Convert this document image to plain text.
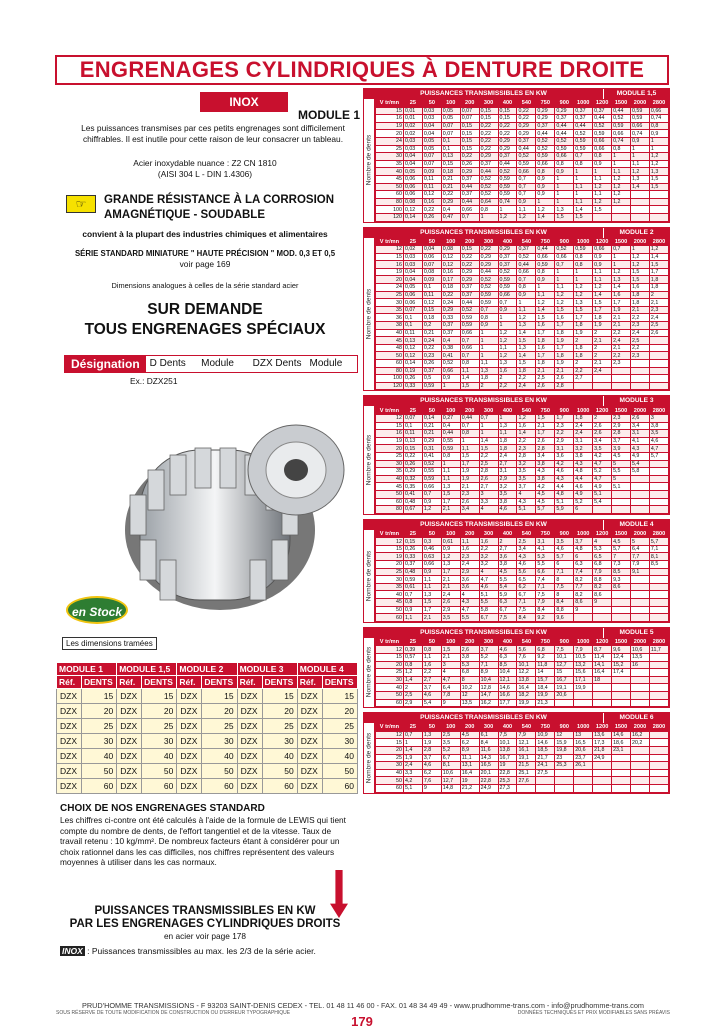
ENGRENAGES CYLINDRIQUES À DENTURE DROITE
INOX
MODULE 1
Les puissances transmises par ces petits engrenages sont difficilement chiffrables. Il est inutile pour cette raison de leur consacrer un tableau.
Acier inoxydable nuance : Z2 CN 1810
(AISI 304 L - DIN 1.4306)
☞	GRANDE RÉSISTANCE À LA CORROSION AMAGNÉTIQUE - SOUDABLE
convient à la plupart des industries chimiques et alimentaires
SÉRIE STANDARD MINIATURE " HAUTE PRÉCISION " MOD. 0,3 ET 0,5
voir page 169
Dimensions analogues à celles de la série standard acier
SUR DEMANDE
TOUS ENGRENAGES SPÉCIAUX
Désignation	D Dents	Module	DZX Dents Module
Ex.: DZX251
en Stock
Les dimensions tramées
MODULE 1		MODULE 1,5		MODULE 2		MODULE 3		MODULE 4	
Réf.	DENTS	Réf.	DENTS	Réf.	DENTS	Réf.	DENTS	Réf.	DENTS
DZX	15	DZX	15	DZX	15	DZX	15	DZX	15
DZX	20	DZX	20	DZX	20	DZX	20	DZX	20
DZX	25	DZX	25	DZX	25	DZX	25	DZX	25
DZX	30	DZX	30	DZX	30	DZX	30	DZX	30
DZX	40	DZX	40	DZX	40	DZX	40	DZX	40
DZX	50	DZX	50	DZX	50	DZX	50	DZX	50
DZX	60	DZX	60	DZX	60	DZX	60	DZX	60
CHOIX DE NOS ENGRENAGES STANDARD
Les chiffres ci-contre ont été calculés à l'aide de la formule de LEWIS qui tient compte du nombre de dents, de l'effort tangentiel et de la vitesse. Taux de travail retenu : 10 kg/mm². De nombreux facteurs étant à considérer pour un choix rationnel dans les cas difficiles, nos chiffres représentent des valeurs moyennes à utiliser dans les cas normaux.
PUISSANCES TRANSMISSIBLES EN KW
PAR LES ENGRENAGES CYLINDRIQUES DROITS
en acier voir page 178
INOX : Puissances transmissibles au max. les 2/3 de la série acier.
PUISSANCES TRANSMISSIBLES EN KW	MODULE 1,5
Nombre de dents
V tr/mn	25	50	100	200	300	400	540	750	900	1000	1200	1500	2000	2800
15	0,01	0,03	0,05	0,07	0,15	0,15	0,22	0,29	0,29	0,37	0,37	0,44	0,59	0,66
16	0,01	0,03	0,05	0,07	0,15	0,15	0,22	0,29	0,37	0,37	0,44	0,52	0,59	0,74
19	0,02	0,04	0,07	0,15	0,22	0,22	0,29	0,37	0,44	0,44	0,52	0,59	0,66	0,8
20	0,02	0,04	0,07	0,15	0,22	0,22	0,29	0,44	0,44	0,52	0,59	0,66	0,74	0,9
24	0,03	0,05	0,1	0,15	0,22	0,29	0,37	0,52	0,52	0,59	0,66	0,74	0,9	1
25	0,03	0,05	0,1	0,15	0,22	0,29	0,44	0,52	0,59	0,59	0,66	0,8	1	1
30	0,04	0,07	0,13	0,22	0,29	0,37	0,52	0,59	0,66	0,7	0,8	1	1	1,2
35	0,04	0,07	0,15	0,26	0,37	0,44	0,59	0,66	0,8	0,8	0,9	1	1,1	1,2
40	0,05	0,09	0,18	0,29	0,44	0,52	0,66	0,8	0,9	1	1	1,1	1,2	1,3
45	0,06	0,11	0,21	0,37	0,52	0,59	0,7	0,9	1	1	1,1	1,2	1,3	1,5
50	0,06	0,11	0,21	0,44	0,52	0,59	0,7	0,9	1	1,1	1,2	1,2	1,4	1,5
60	0,06	0,12	0,22	0,37	0,52	0,59	0,7	0,9	1	1	1,1	1,2		
80	0,08	0,16	0,29	0,44	0,64	0,74	0,9	1	1	1,1	1,2	1,2		
100	0,12	0,22	0,4	0,66	0,8	1	1,1	1,2	1,3	1,4	1,5			
120	0,14	0,26	0,47	0,7	1	1,2	1,2	1,4	1,5	1,5				
PUISSANCES TRANSMISSIBLES EN KW	MODULE 2
Nombre de dents
V tr/mn	25	50	100	200	300	400	540	750	900	1000	1200	1500	2000	2800
12	0,02	0,04	0,08	0,15	0,22	0,29	0,37	0,44	0,52	0,59	0,66	0,7	1	1,2
15	0,03	0,06	0,12	0,22	0,29	0,37	0,52	0,66	0,66	0,8	0,9	1	1,2	1,4
16	0,03	0,07	0,12	0,22	0,29	0,37	0,44	0,59	0,7	0,8	0,9	1	1,2	1,5
19	0,04	0,08	0,16	0,29	0,44	0,52	0,66	0,8	1	1	1,1	1,2	1,5	1,7
20	0,04	0,09	0,17	0,29	0,52	0,59	0,7	0,9	1	1	1,1	1,3	1,5	1,8
24	0,05	0,1	0,18	0,37	0,52	0,59	0,8	1	1,1	1,2	1,2	1,4	1,6	1,8
25	0,06	0,11	0,22	0,37	0,59	0,66	0,9	1,1	1,2	1,2	1,4	1,6	1,8	2
30	0,06	0,12	0,24	0,44	0,59	0,7	1	1,2	1,2	1,3	1,5	1,7	1,8	2,1
35	0,07	0,15	0,29	0,52	0,7	0,9	1,1	1,4	1,5	1,5	1,7	1,9	2,1	2,3
36	0,1	0,18	0,33	0,59	0,8	1	1,2	1,5	1,6	1,7	1,8	2,1	2,2	2,4
38	0,1	0,2	0,37	0,59	0,9	1	1,3	1,6	1,7	1,8	1,9	2,1	2,3	2,5
40	0,11	0,21	0,37	0,66	1	1,2	1,4	1,7	1,8	1,9	2	2,2	2,4	2,6
45	0,13	0,24	0,4	0,7	1	1,2	1,5	1,8	1,9	2	2,1	2,4	2,5	
48	0,12	0,22	0,38	0,66	1	1,1	1,3	1,6	1,7	1,8	2	2,1	2,2	
50	0,12	0,23	0,41	0,7	1	1,2	1,4	1,7	1,8	1,8	2	2,2	2,3	
60	0,14	0,26	0,52	0,8	1,1	1,3	1,5	1,8	1,9	2	2,1	2,3		
80	0,19	0,37	0,66	1,1	1,3	1,6	1,8	2,1	2,1	2,2	2,4			
100	0,26	0,5	0,9	1,4	1,8	2	2,2	2,5	2,6	2,7				
120	0,33	0,59	1	1,5	2	2,2	2,4	2,6	2,8					
PUISSANCES TRANSMISSIBLES EN KW	MODULE 3
Nombre de dents
V tr/mn	25	50	100	200	300	400	540	750	900	1000	1200	1500	2000	2800
12	0,07	0,14	0,27	0,44	0,7	1	1,2	1,5	1,7	1,8	2	2,3	2,6	3
15	0,1	0,21	0,4	0,7	1	1,3	1,6	2,1	2,3	2,4	2,6	2,9	3,4	3,8
16	0,11	0,21	0,44	0,8	1	1,1	1,4	1,7	2,2	2,4	2,6	2,8	3,1	3,5
19	0,13	0,29	0,55	1	1,4	1,8	2,2	2,6	2,9	3,1	3,4	3,7	4,1	4,6
20	0,15	0,31	0,59	1,1	1,5	1,8	2,3	2,8	3,1	3,2	3,5	3,9	4,3	4,7
25	0,22	0,41	0,8	1,5	2,2	2,4	2,8	3,4	3,6	3,8	4,2	4,5	4,9	5,7
30	0,26	0,52	1	1,7	2,5	2,7	3,2	3,8	4,2	4,3	4,7	5	5,4	
35	0,29	0,55	1,1	1,9	2,8	3,1	3,5	4,3	4,6	4,8	5,2	5,5	5,8	
40	0,32	0,59	1,1	1,9	2,6	2,9	3,5	3,8	4,3	4,4	4,7	5		
45	0,35	0,66	1,3	2,1	2,7	3,2	3,7	4,2	4,4	4,6	4,9	5,1		
50	0,41	0,7	1,5	2,3	3	3,5	4	4,5	4,8	4,9	5,1			
60	0,48	0,9	1,7	2,6	3,3	3,8	4,3	4,5	5,1	5,2	5,4			
80	0,67	1,2	2,1	3,4	4	4,6	5,1	5,7	5,9	6				
PUISSANCES TRANSMISSIBLES EN KW	MODULE 4
Nombre de dents
V tr/mn	25	50	100	200	300	400	540	750	900	1000	1200	1500	2000	2800
12	0,15	0,3	0,61	1,1	1,6	2	2,5	3,1	3,5	3,7	4	4,5	5	5,7
15	0,26	0,46	0,9	1,6	2,2	2,7	3,4	4,1	4,6	4,8	5,3	5,7	6,4	7,1
19	0,33	0,63	1,2	2,3	3,2	3,6	4,3	5,3	5,7	6	6,5	7	7,7	8,1
20	0,37	0,66	1,3	2,4	3,2	3,8	4,6	5,5	6	6,3	6,8	7,3	7,9	8,5
25	0,48	0,9	1,7	2,9	4	4,5	5,6	6,6	7,1	7,4	7,9	8,5	9,1	
30	0,59	1,1	2,1	3,6	4,7	5,5	6,5	7,4	8	8,2	8,8	9,3		
35	0,61	1,1	2,1	3,6	4,6	5,4	6,2	7,1	7,5	7,7	8,2	8,6		
40	0,7	1,3	2,4	4	5,1	5,9	6,7	7,5	8	8,2	8,6			
45	0,8	1,5	2,6	4,3	5,5	6,3	7,1	7,9	8,4	8,6	9			
50	0,9	1,7	2,9	4,7	5,8	6,7	7,5	8,4	8,8	9				
60	1,1	2,1	3,5	5,5	6,7	7,5	8,4	9,2	9,6					
PUISSANCES TRANSMISSIBLES EN KW	MODULE 5
Nombre de dents
V tr/mn	25	50	100	200	300	400	540	750	900	1000	1200	1500	2000	2800
12	0,39	0,8	1,5	2,6	3,7	4,6	5,6	6,8	7,5	7,9	8,7	9,6	10,6	11,7
15	0,57	1,1	2,1	3,8	5,2	6,3	7,6	9,2	10,1	10,5	11,4	12,4	13,5	
20	0,8	1,6	3	5,3	7,1	8,5	10,1	11,8	12,7	13,2	14,1	15,2	16	
25	1,2	2,2	4	6,8	8,9	10,4	12,2	14	15	15,6	16,4	17,4		
30	1,4	2,7	4,7	8	10,4	12,1	13,8	15,7	16,7	17,1	18			
40	2	3,7	6,4	10,2	12,8	14,6	16,4	18,4	19,1	19,9				
50	2,5	4,6	7,8	12	14,7	16,6	18,2	19,9	20,6					
60	2,9	5,4	9	13,5	16,2	17,7	19,9	21,3						
PUISSANCES TRANSMISSIBLES EN KW	MODULE 6
Nombre de dents
V tr/mn	25	50	100	200	300	400	540	750	900	1000	1200	1500	2000	2800
12	0,7	1,3	2,5	4,5	6,1	7,5	7,9	10,9	12	13	13,6	14,6	16,2	
15	1	1,9	3,5	6,2	8,4	10,1	12,1	14,6	15,9	16,5	17,3	18,6	20,2	
20	1,4	2,8	5,2	8,9	11,6	13,8	16,1	18,5	19,8	20,6	21,8	23,1		
25	1,9	3,7	6,7	11,1	14,3	16,7	19,1	21,7	23	23,7	24,9			
30	2,4	4,6	8,1	13,1	16,5	19	21,5	24,1	25,3	26,1				
40	3,3	6,2	10,6	16,4	20,1	22,8	25,1	27,5						
50	4,2	7,6	12,7	19	22,8	25,3	27,6							
60	5,1	9	14,8	21,2	24,9	27,3								
PRUD'HOMME TRANSMISSIONS - F 93203 SAINT-DENIS CEDEX - TEL. 01 48 11 46 00 - FAX. 01 48 34 49 49 - www.prudhomme-trans.com - info@prudhomme-trans.com
SOUS RÉSERVE DE TOUTE MODIFICATION DE CONSTRUCTION OU D'ERREUR TYPOGRAPHIQUE	DONNÉES TECHNIQUES ET PRIX MODIFIABLES SANS PRÉAVIS
179
